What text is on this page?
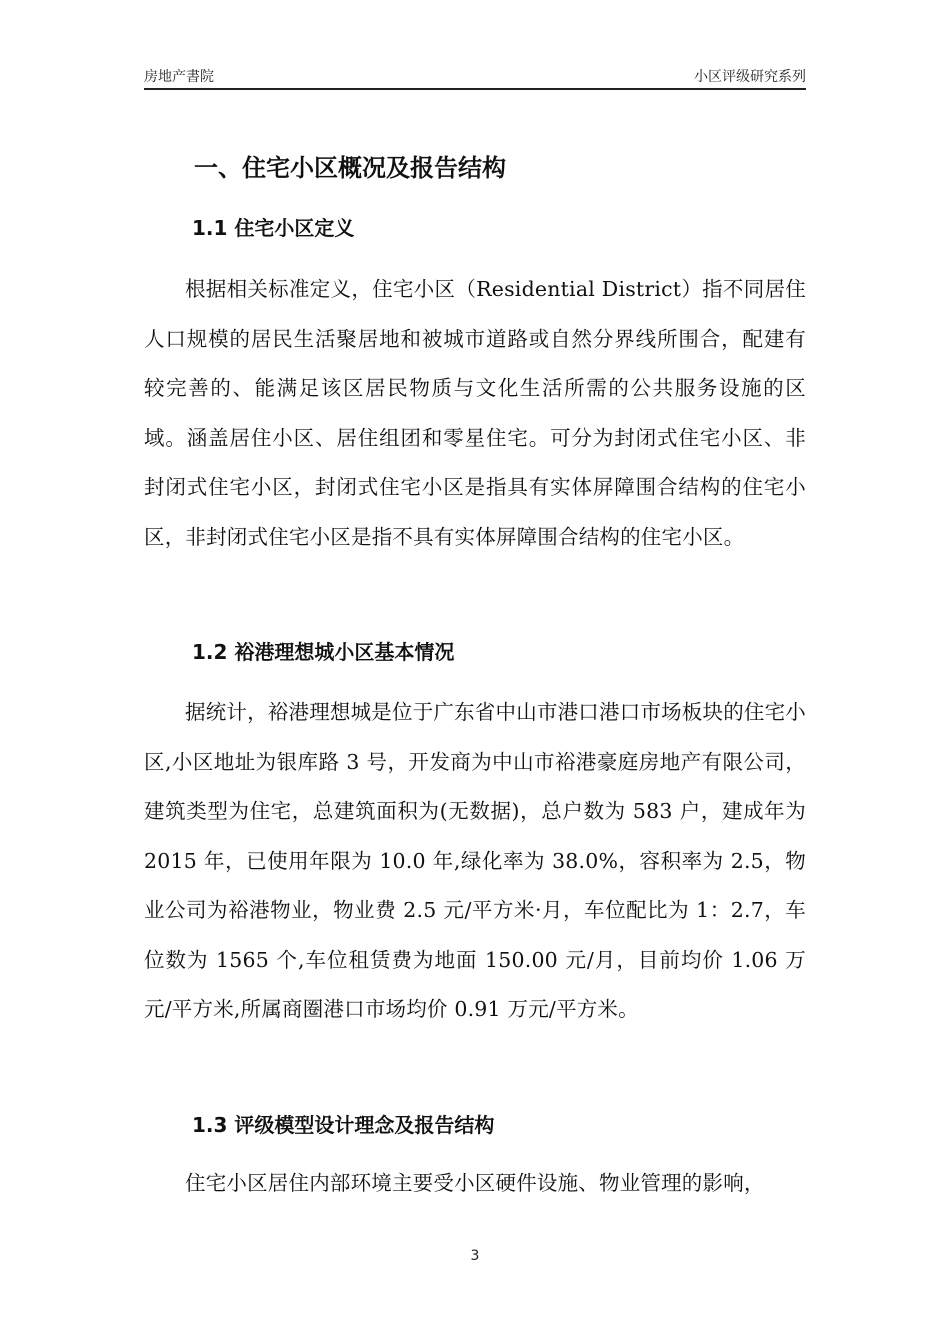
房地产書院	小区评级研究系列
一、住宅小区概况及报告结构
1.1 住宅小区定义

根据相关标准定义，住宅小区（Residential District）指不同居住人口规模的居民生活聚居地和被城市道路或自然分界线所围合，配建有较完善的、能满足该区居民物质与文化生活所需的公共服务设施的区域。涵盖居住小区、居住组团和零星住宅。可分为封闭式住宅小区、非封闭式住宅小区，封闭式住宅小区是指具有实体屏障围合结构的住宅小区，非封闭式住宅小区是指不具有实体屏障围合结构的住宅小区。

1.2 裕港理想城小区基本情况

据统计，裕港理想城是位于广东省中山市港口港口市场板块的住宅小区,小区地址为银库路 3 号，开发商为中山市裕港豪庭房地产有限公司，建筑类型为住宅，总建筑面积为(无数据)，总户数为 583 户，建成年为 2015 年，已使用年限为 10.0 年,绿化率为 38.0%，容积率为 2.5，物业公司为裕港物业，物业费 2.5 元/平方米·月，车位配比为 1：2.7，车位数为 1565 个,车位租赁费为地面 150.00 元/月，目前均价 1.06 万元/平方米,所属商圈港口市场均价 0.91 万元/平方米。

1.3 评级模型设计理念及报告结构

住宅小区居住内部环境主要受小区硬件设施、物业管理的影响，

3
